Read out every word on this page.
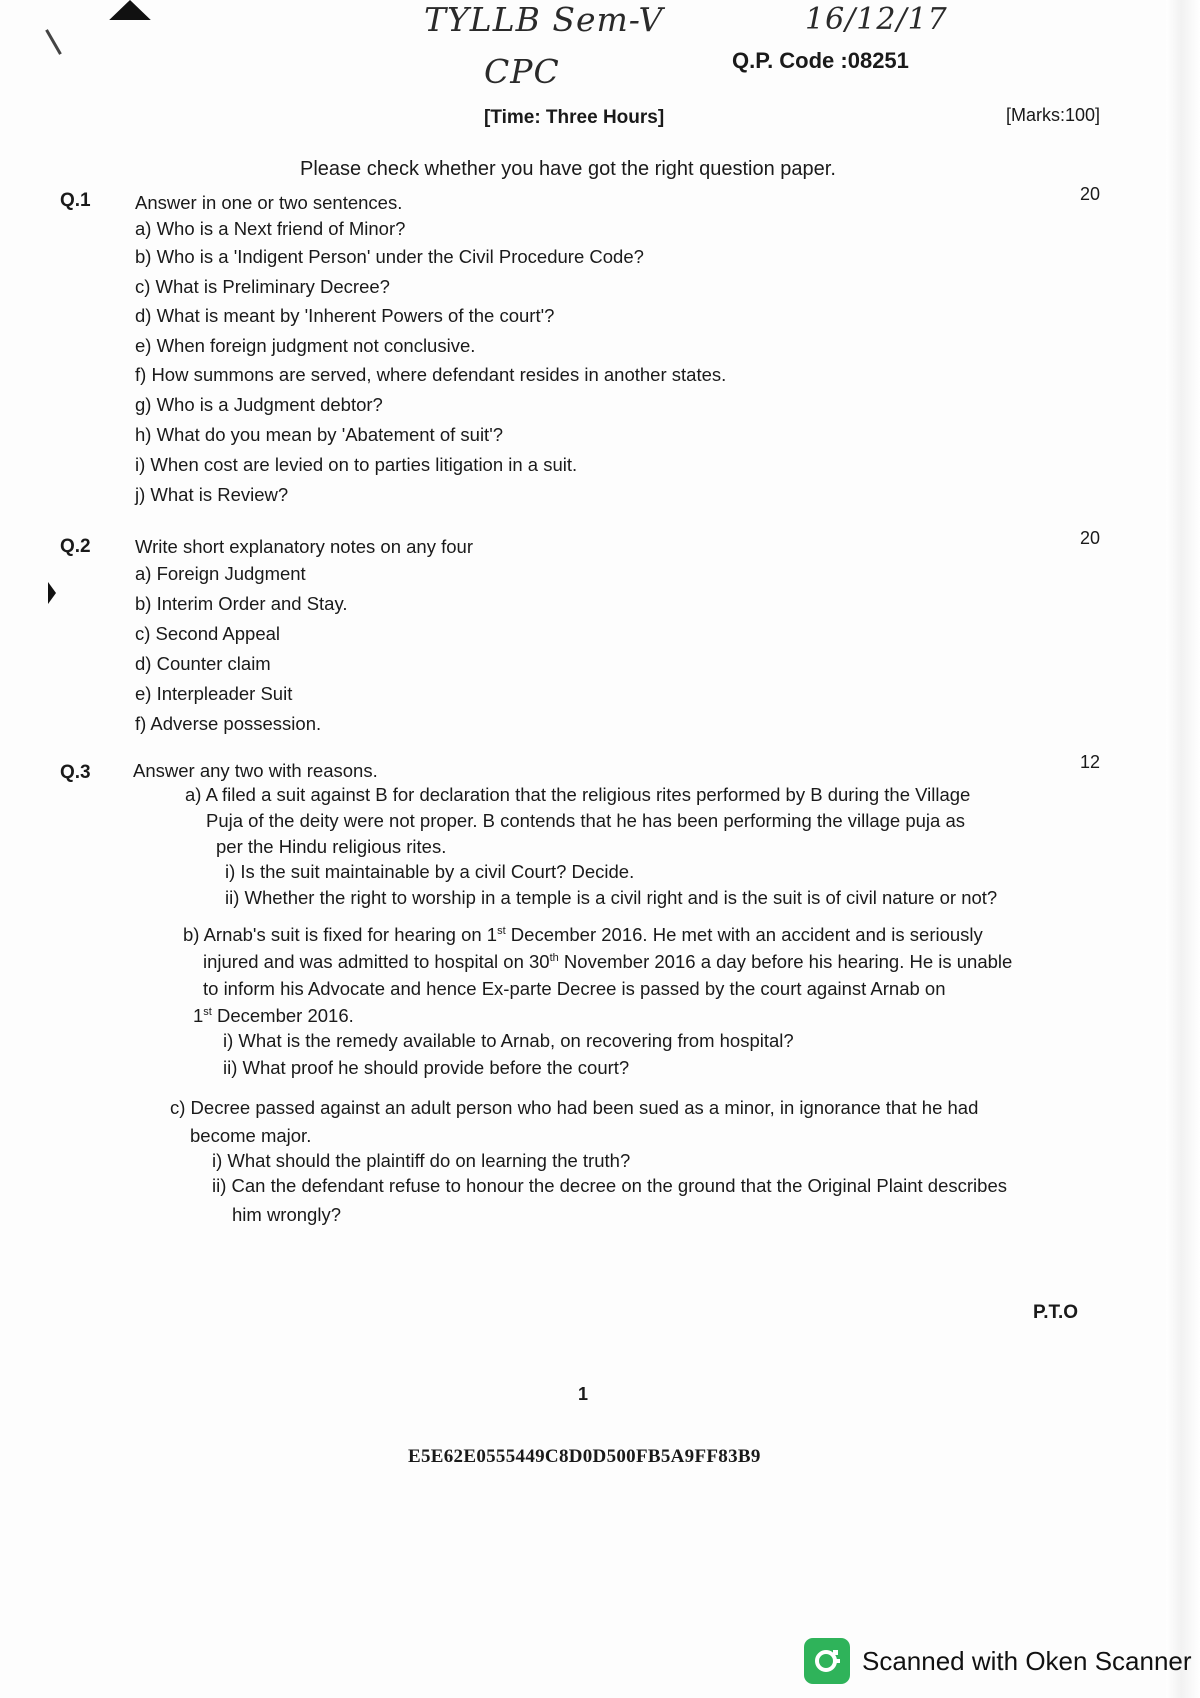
TYLLB Sem-V	16/12/17
CPC	Q.P. Code :08251
[Time: Three Hours]	[Marks:100]
Please check whether you have got the right question paper.
Q.1	20
Answer in one or two sentences.
a) Who is a Next friend of Minor?
b) Who is a 'Indigent Person' under the Civil Procedure Code?
c) What is Preliminary Decree?
d) What is meant by 'Inherent Powers of the court'?
e) When foreign judgment not conclusive.
f) How summons are served, where defendant resides in another states.
g) Who is a Judgment debtor?
h) What do you mean by 'Abatement of suit'?
i) When cost are levied on to parties litigation in a suit.
j) What is Review?
Q.2	20
Write short explanatory notes on any four
a) Foreign Judgment
b) Interim Order and Stay.
c) Second Appeal
d) Counter claim
e) Interpleader Suit
f) Adverse possession.
Q.3	12
Answer any two with reasons.
a) A filed a suit against B for declaration that the religious rites performed by B during the Village
Puja of the deity were not proper. B contends that he has been performing the village puja as
per the Hindu religious rites.
i) Is the suit maintainable by a civil Court? Decide.
ii) Whether the right to worship in a temple is a civil right and is the suit is of civil nature or not?
b) Arnab's suit is fixed for hearing on 1st December 2016. He met with an accident and is seriously
injured and was admitted to hospital on 30th November 2016 a day before his hearing. He is unable
to inform his Advocate and hence Ex-parte Decree is passed by the court against Arnab on
1st December 2016.
i) What is the remedy available to Arnab, on recovering from hospital?
ii) What proof he should provide before the court?
c) Decree passed against an adult person who had been sued as a minor, in ignorance that he had
become major.
i) What should the plaintiff do on learning the truth?
ii) Can the defendant refuse to honour the decree on the ground that the Original Plaint describes
him wrongly?
P.T.O
1
E5E62E0555449C8D0D500FB5A9FF83B9
Scanned with Oken Scanner
